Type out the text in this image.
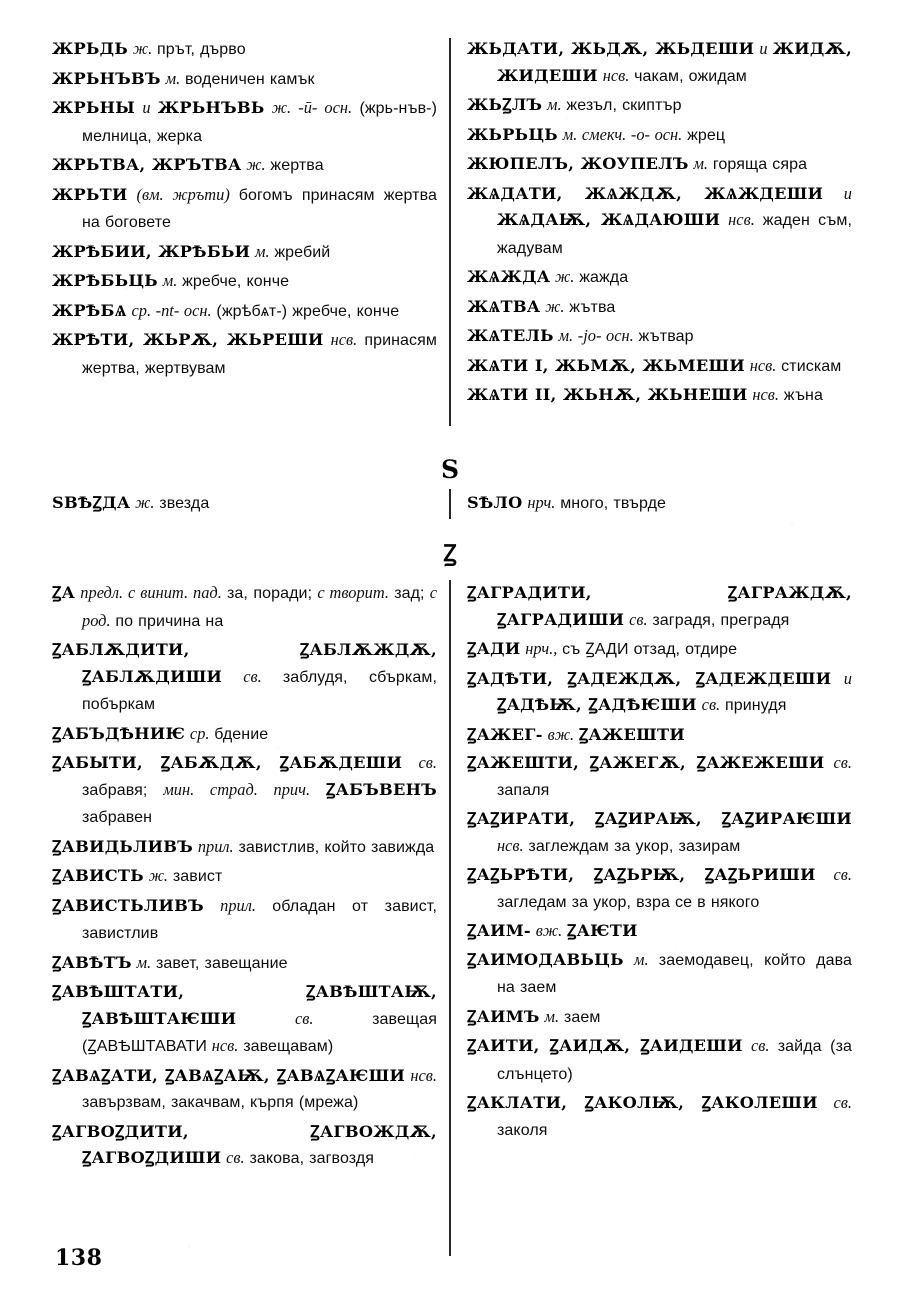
ЖРЬДЬ ж. прът, дърво

ЖРЬНЪВЪ м. воденичен камък

ЖРЬНЫ и ЖРЬНЪВЬ ж. -ū- осн. (жрь-нъв-) мелница, жерка

ЖРЬТВА, ЖРЪТВА ж. жертва

ЖРЬТИ (вм. жръти) богомъ принасям жертва на боговете

ЖРѢБИИ, ЖРѢБЬИ м. жребий

ЖРѢБЬЦЬ м. жребче, конче

ЖРѢБѦ ср. -nt- осн. (жрѣбѧт-) жребче, конче

ЖРѢТИ, ЖЬРѪ, ЖЬРЕШИ нсв. принасям жертва, жертвувам

ЖЬДАТИ, ЖЬДѪ, ЖЬДЕШИ и ЖИДѪ, ЖИДЕШИ нсв. чакам, ожидам

ЖЬꙀЛЪ м. жезъл, скиптър

ЖЬРЬЦЬ м. смекч. -о- осн. жрец

ЖЮПЕЛЪ, ЖОУПЕЛЪ м. горяща сяра

ЖѦДАТИ, ЖѦЖДѪ, ЖѦЖДЕШИ и ЖѦДАѬ, ЖѦДАЮШИ нсв. жаден съм, жадувам

ЖѦЖДА ж. жажда

ЖѦТВА ж. жътва

ЖѦТЕЛЬ м. -jо- осн. жътвар

ЖѦТИ I, ЖЬМѪ, ЖЬМЕШИ нсв. стискам

ЖѦТИ II, ЖЬНѪ, ЖЬНЕШИ нсв. жъна

Ѕ

ЅВѢꙀДА ж. звезда	ЅѢЛО нрч. много, твърде

Ꙁ

ꙀА предл. с винит. пад. за, поради; с творит. зад; с род. по причина на

ꙀАБЛѪДИТИ, ꙀАБЛѪЖДѪ, ꙀАБЛѪДИШИ св. заблудя, сбъркам, побъркам

ꙀАБЪДѢНИѤ ср. бдение

ꙀАБЫТИ, ꙀАБѪДѪ, ꙀАБѪДЕШИ св. забравя; мин. страд. прич. ꙀАБЪВЕНЪ забравен

ꙀАВИДЬЛИВЪ прил. завистлив, който завижда

ꙀАВИСТЬ ж. завист

ꙀАВИСТЬЛИВЪ прил. обладан от завист, завистлив

ꙀАВѢТЪ м. завет, завещание

ꙀАВѢШТАТИ, ꙀАВѢШТАѬ, ꙀАВѢШТАѤШИ	св.	завещая (ꙀАВѢШТАВАТИ нсв. завещавам)

ꙀАВѦꙀАТИ, ꙀАВѦꙀАѬ, ꙀАВѦꙀАѤШИ нсв. завързвам, закачвам, кърпя (мрежа)

ꙀАГВОꙀДИТИ, ꙀАГВОЖДѪ, ꙀАГВОꙀДИШИ св. закова, загвоздя

ꙀАГРАДИТИ, ꙀАГРАЖДѪ, ꙀАГРАДИШИ св. заградя, преградя

ꙀАДИ нрч., съ ꙀАДИ отзад, отдире

ꙀАДѢТИ, ꙀАДЕЖДѪ, ꙀАДЕЖДЕШИ и ꙀАДѢѬ, ꙀАДѢѤШИ св. принудя

ꙀАЖЕГ- вж. ꙀАЖЕШТИ

ꙀАЖЕШТИ, ꙀАЖЕГѪ, ꙀАЖЕЖЕШИ св. запаля

ꙀАꙀИРАТИ, ꙀАꙀИРАѬ, ꙀАꙀИРАѤШИ нсв. заглеждам за укор, зазирам

ꙀАꙀЬРѢТИ, ꙀАꙀЬРѬ, ꙀАꙀЬРИШИ св. загледам за укор, взра се в някого

ꙀАИМ- вж. ꙀАѤТИ

ꙀАИМОДАВЬЦЬ м. заемодавец, който дава на заем

ꙀАИМЪ м. заем

ꙀАИТИ, ꙀАИДѪ, ꙀАИДЕШИ св. зайда (за слънцето)

ꙀАКЛАТИ, ꙀАКОЛѬ, ꙀАКОЛЕШИ св. заколя

138
